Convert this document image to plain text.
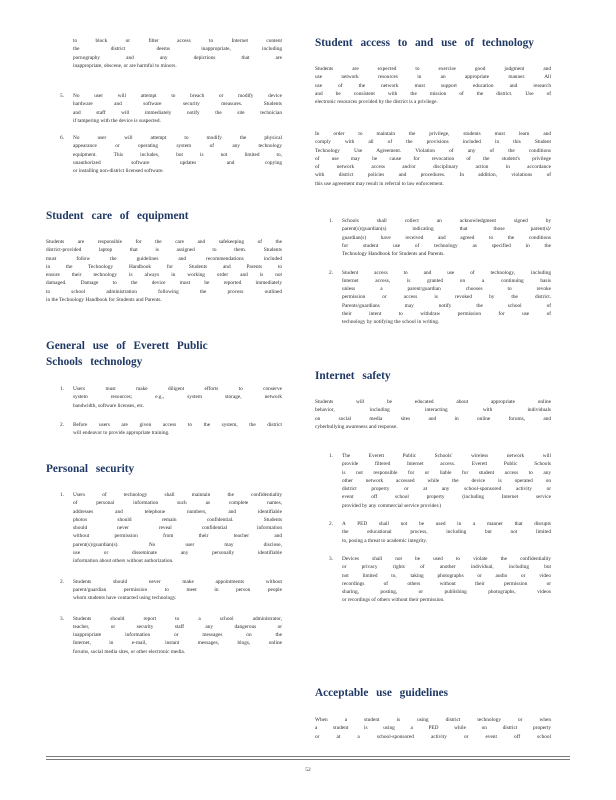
to block or filter access to Internet content
the district deems inappropriate, including
pornography and any depictions that are
inappropriate, obscene, or are harmful to minors.
5. No user will attempt to breach or modify device
hardware and software security measures. Students
and staff will immediately notify the site technician
if tampering with the device is suspected.
6. No user will attempt to modify the physical
appearance or operating system of any technology
equipment. This includes, but is not limited to,
unauthorized software updates and copying
or installing non-district licensed software.
Student care of equipment
Students are responsible for the care and safekeeping of the
district-provided laptop that is assigned to them. Students
must follow the guidelines and recommendations included
in the Technology Handbook for Students and Parents to
ensure their technology is always in working order and is not
damaged. Damage to the device must be reported immediately
to school administration following the process outlined
in the Technology Handbook for Students and Parents.
General use of Everett Public
Schools technology
1. Users must make diligent efforts to conserve
system resources; e.g., system storage, network
bandwidth, software licenses, etc.
2. Before users are given access to the system, the district
will endeavor to provide appropriate training.
Personal security
1. Users of technology shall maintain the confidentiality
of personal information such as complete names,
addresses and telephone numbers, and identifiable
photos should remain confidential. Students
should never reveal confidential information
without permission from their teacher and
parent(s)/guardian(s). No user may disclose,
use or disseminate any personally identifiable
information about others without authorization.
2. Students should never make appointments without
parent/guardian permission to meet in person people
whom students have contacted using technology.
3. Students should report to a school administrator,
teacher, or security staff any dangerous or
inappropriate information or messages on the
Internet, in e-mail, instant messages, blogs, online
forums, social media sites, or other electronic media.
Student access to and use of technology
Students are expected to exercise good judgment and
use network resources in an appropriate manner. All
use of the network must support education and research
and be consistent with the mission of the district. Use of
electronic resources provided by the district is a privilege.
In order to maintain the privilege, students must learn and
comply with all of the provisions included in this Student
Technology Use Agreement. Violation of any of the conditions
of use may be cause for revocation of the student's privilege
of network access and/or disciplinary action in accordance
with district policies and procedures. In addition, violations of
this use agreement may result in referral to law enforcement.
1. Schools shall collect an acknowledgment signed by
parent(s)/guardian(s) indicating that those parent(s)/
guardian(s) have received and agreed to the conditions
for student use of technology as specified in the
Technology Handbook for Students and Parents.
2. Student access to and use of technology, including
Internet access, is granted on a continuing basis
unless a parent/guardian chooses to revoke
permission or access is revoked by the district.
Parents/guardians may notify the school of
their intent to withdraw permission for use of
technology by notifying the school in writing.
Internet safety
Students will be educated about appropriate online
behavior, including interacting with individuals
on social media sites and in online forums, and
cyberbullying awareness and response.
1. The Everett Public Schools' wireless network will
provide filtered Internet access. Everett Public Schools
is not responsible for or liable for student access to any
other network accessed while the device is operated on
district property or at any school-sponsored activity or
event off school property (including Internet service
provided by any commercial service provider.)
2. A PED shall not be used in a manner that disrupts
the educational process, including but not limited
to, posing a threat to academic integrity.
3. Devices shall not be used to violate the confidentiality
or privacy rights of another individual, including but
not limited to, taking photographs or audio or video
recordings of others without their permission or
sharing, posting, or publishing photographs, videos
or recordings of others without their permission.
Acceptable use guidelines
When a student is using district technology or when
a student is using a PED while on district property
or at a school-sponsored activity or event off school
52
